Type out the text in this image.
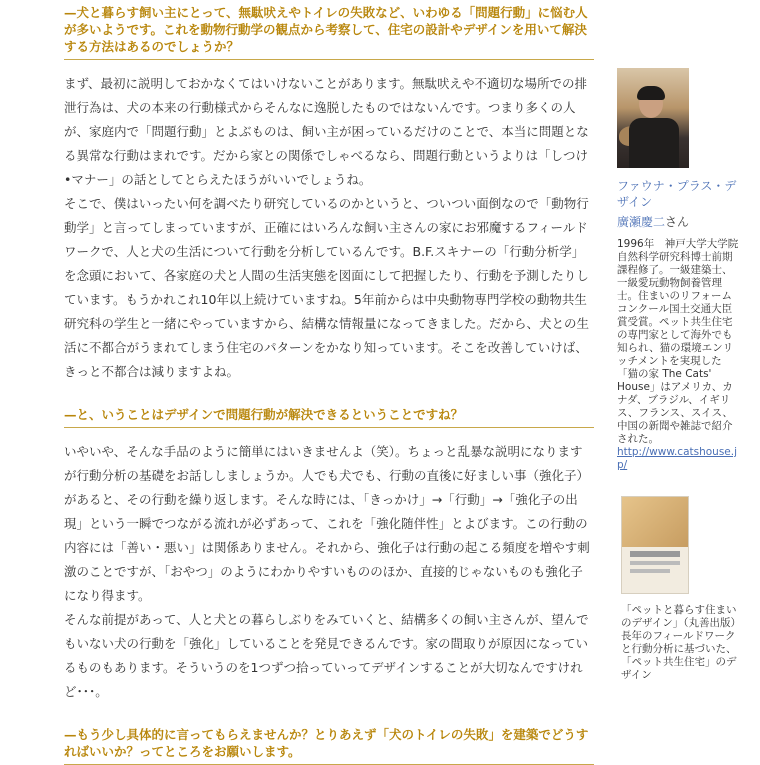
—犬と暮らす飼い主にとって、無駄吠えやトイレの失敗など、いわゆる「問題行動」に悩む人が多いようです。これを動物行動学の観点から考察して、住宅の設計やデザインを用いて解決する方法はあるのでしょうか？

まず、最初に説明しておかなくてはいけないことがあります。無駄吠えや不適切な場所での排泄行為は、犬の本来の行動様式からそんなに逸脱したものではないんです。つまり多くの人が、家庭内で「問題行動」とよぶものは、飼い主が困っているだけのことで、本当に問題となる異常な行動はまれです。だから家との関係でしゃべるなら、問題行動というよりは「しつけ•マナー」の話としてとらえたほうがいいでしょうね。

そこで、僕はいったい何を調べたり研究しているのかというと、ついつい面倒なので「動物行動学」と言ってしまっていますが、正確にはいろんな飼い主さんの家にお邪魔するフィールドワークで、人と犬の生活について行動を分析しているんです。B.F.スキナーの「行動分析学」を念頭において、各家庭の犬と人間の生活実態を図面にして把握したり、行動を予測したりしています。もうかれこれ10年以上続けていますね。5年前からは中央動物専門学校の動物共生研究科の学生と一緒にやっていますから、結構な情報量になってきました。だから、犬との生活に不都合がうまれてしまう住宅のパターンをかなり知っています。そこを改善していけば、きっと不都合は減りますよね。

—と、いうことはデザインで問題行動が解決できるということですね？

いやいや、そんな手品のように簡単にはいきませんよ（笑）。ちょっと乱暴な説明になりますが行動分析の基礎をお話ししましょうか。人でも犬でも、行動の直後に好ましい事（強化子）があると、その行動を繰り返します。そんな時には、「きっかけ」→「行動」→「強化子の出現」という一瞬でつながる流れが必ずあって、これを「強化随伴性」とよびます。この行動の内容には「善い・悪い」は関係ありません。それから、強化子は行動の起こる頻度を増やす刺激のことですが、「おやつ」のようにわかりやすいもののほか、直接的じゃないものも強化子になり得ます。

そんな前提があって、人と犬との暮らしぶりをみていくと、結構多くの飼い主さんが、望んでもいない犬の行動を「強化」していることを発見できるんです。家の間取りが原因になっているものもあります。そういうのを1つずつ拾っていってデザインすることが大切なんですけれど･･･。

—もう少し具体的に言ってもらえませんか？とりあえず「犬のトイレの失敗」を建築でどうすればいいか？ってところをお願いします。

ファウナ・プラス・デザイン

廣瀬慶二さん

1996年　神戸大学大学院自然科学研究科博士前期課程修了。一級建築士、一級愛玩動物飼養管理士。住まいのリフォームコンクール国土交通大臣賞受賞。ペット共生住宅の専門家として海外でも知られ、猫の環境エンリッチメントを実現した「猫の家 The Cats' House」はアメリカ、カナダ、ブラジル、イギリス、フランス、スイス、中国の新聞や雑誌で紹介された。

http://www.catshouse.jp/

「ペットと暮らす住まいのデザイン」（丸善出版）長年のフィールドワークと行動分析に基づいた、「ペット共生住宅」のデザイン
